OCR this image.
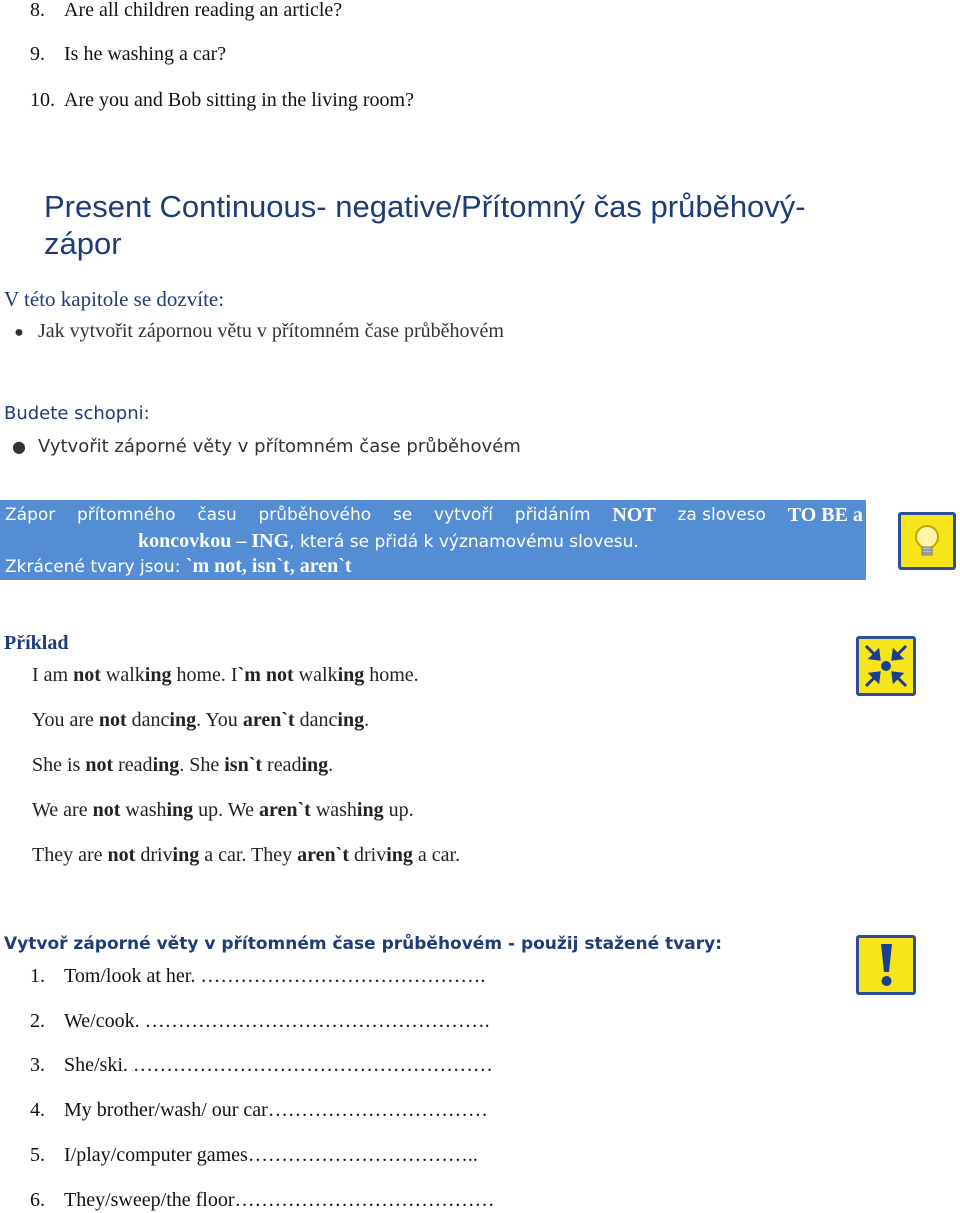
8. Are all children reading an article?
9. Is he washing a car?
10. Are you and Bob sitting in the living room?
Present Continuous- negative/Přítomný čas průběhový-
zápor
V této kapitole se dozvíte:
● Jak vytvořit zápornou větu v přítomném čase průběhovém
Budete schopni:
● Vytvořit záporné věty v přítomném čase průběhovém
Zápor přítomného času průběhového se vytvoří přidáním NOT za sloveso TO BE a
koncovkou – ING, která se přidá k významovému slovesu.
Zkrácené tvary jsou: `m not, isn`t, aren`t
Příklad
I am not walking home. I`m not walking home.
You are not dancing. You aren`t dancing.
She is not reading. She isn`t reading.
We are not washing up. We aren`t washing up.
They are not driving a car. They aren`t driving a car.
Vytvoř záporné věty v přítomném čase průběhovém - použij stažené tvary:
1. Tom/look at her. …………………………………….
2. We/cook. …………………………………………….
3. She/ski. ………………………………………………
4. My brother/wash/ our car……………………………
5. I/play/computer games……………………………..
6. They/sweep/the floor…………………………………
